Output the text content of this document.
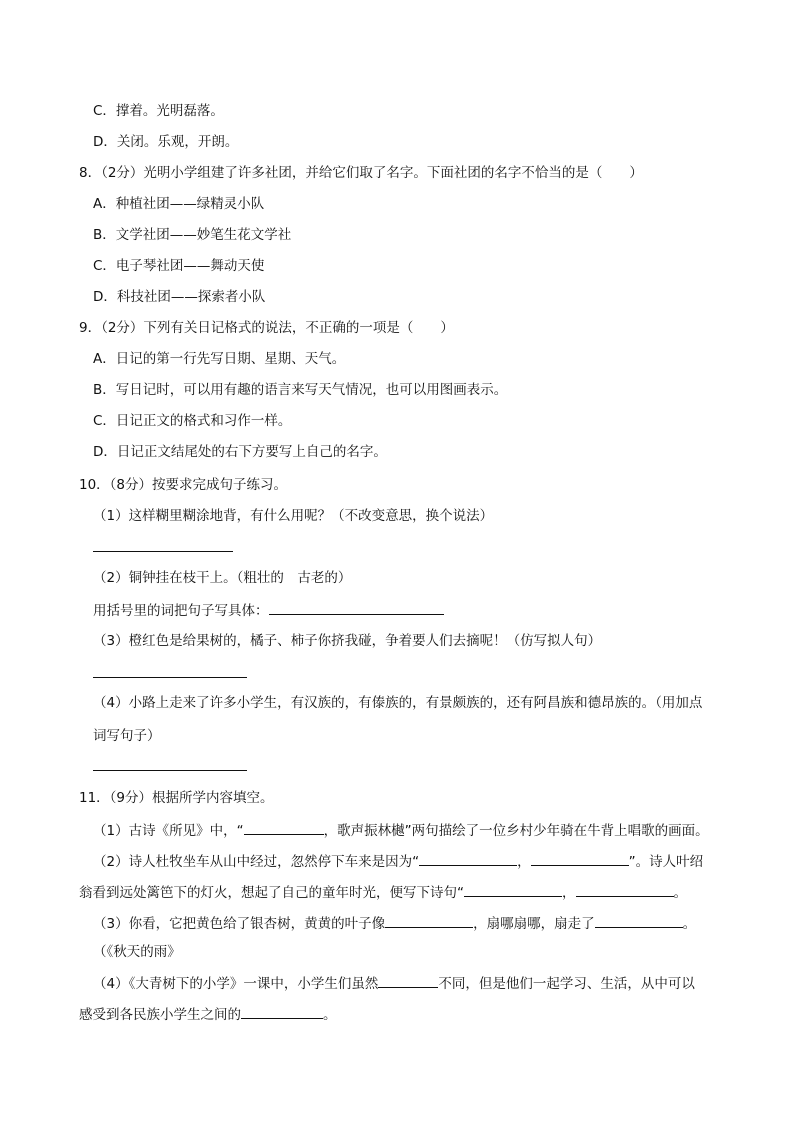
C．撑着。光明磊落。
D．关闭。乐观，开朗。
8．（2分）光明小学组建了许多社团，并给它们取了名字。下面社团的名字不恰当的是（　　）
A．种植社团——绿精灵小队
B．文学社团——妙笔生花文学社
C．电子琴社团——舞动天使
D．科技社团——探索者小队
9．（2分）下列有关日记格式的说法，不正确的一项是（　　）
A．日记的第一行先写日期、星期、天气。
B．写日记时，可以用有趣的语言来写天气情况，也可以用图画表示。
C．日记正文的格式和习作一样。
D．日记正文结尾处的右下方要写上自己的名字。
10．（8分）按要求完成句子练习。
（1）这样糊里糊涂地背，有什么用呢？（不改变意思，换个说法）
（2）铜钟挂在枝干上。（粗壮的　古老的）
用括号里的词把句子写具体：
（3）橙红色是给果树的，橘子、柿子你挤我碰，争着要人们去摘呢！（仿写拟人句）
（4）小路上走来了许多小学生，有汉族的，有傣族的，有景颇族的，还有阿昌族和德昂族的。（用加点
词写句子）
11．（9分）根据所学内容填空。
（1）古诗《所见》中，“	，歌声振林樾”两句描绘了一位乡村少年骑在牛背上唱歌的画面。
（2）诗人杜牧坐车从山中经过，忽然停下车来是因为“	，	”。诗人叶绍
翁看到远处篱笆下的灯火，想起了自己的童年时光，便写下诗句“	，	。
（3）你看，它把黄色给了银杏树，黄黄的叶子像	，扇哪扇哪，扇走了	。
（《秋天的雨》
（4）《大青树下的小学》一课中，小学生们虽然	不同，但是他们一起学习、生活，从中可以
感受到各民族小学生之间的	。
